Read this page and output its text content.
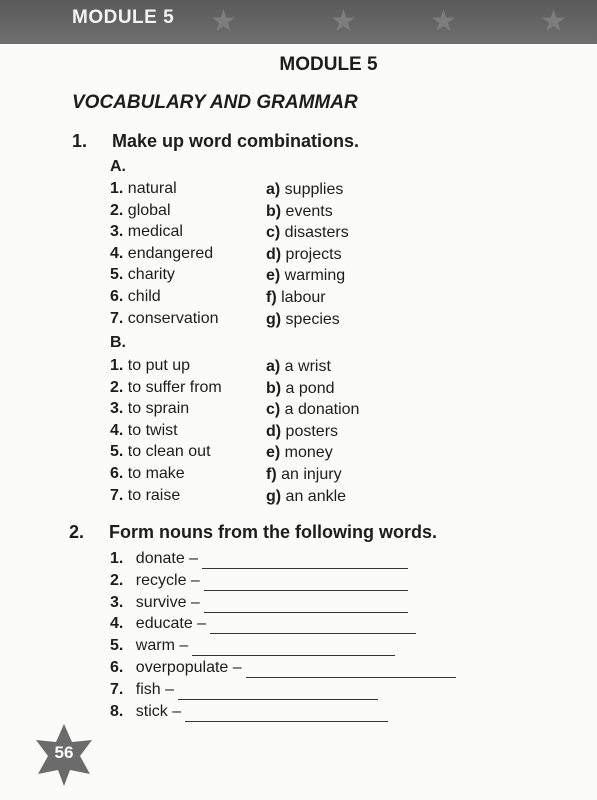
★	★ ★	★
MODULE 5
MODULE 5
VOCABULARY AND GRAMMAR
1. Make up word combinations.
A.
1. natural
2. global
3. medical
4. endangered
5. charity
6. child
7. conservation
a) supplies
b) events
c) disasters
d) projects
e) warming
f) labour
g) species
B.
1. to put up
2. to suffer from
3. to sprain
4. to twist
5. to clean out
6. to make
7. to raise
a) a wrist
b) a pond
c) a donation
d) posters
e) money
f) an injury
g) an ankle
2. Form nouns from the following words.
1. donate –
2. recycle –
3. survive –
4. educate –
5. warm –
6. overpopulate –
7. fish –
8. stick –
56
